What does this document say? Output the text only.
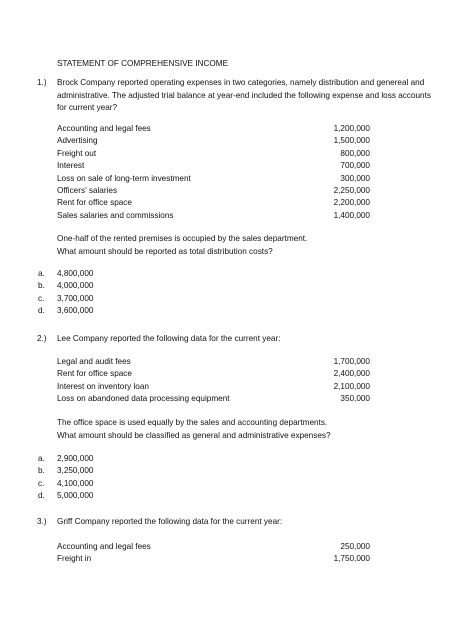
STATEMENT OF COMPREHENSIVE INCOME
1.) Brock Company reported operating expenses in two categories, namely distribution and genereal and
administrative. The adjusted trial balance at year-end included the following expense and loss accounts
for current year?
Accounting and legal fees	1,200,000
Advertising	1,500,000
Freight out	800,000
Interest	700,000
Loss on sale of long-term investment	300,000
Officers’ salaries	2,250,000
Rent for office space	2,200,000
Sales salaries and commissions	1,400,000
One-half of the rented premises is occupied by the sales department.
What amount should be reported as total distribution costs?
a. 4,800,000
b. 4,000,000
c. 3,700,000
d. 3,600,000
2.) Lee Company reported the following data for the current year:
Legal and audit fees	1,700,000
Rent for office space	2,400,000
Interest on inventory loan	2,100,000
Loss on abandoned data processing equipment	350,000
The office space is used equally by the sales and accounting departments.
What amount should be classified as general and administrative expenses?
a. 2,900,000
b. 3,250,000
c. 4,100,000
d. 5,000,000
3.) Griff Company reported the following data for the current year:
Accounting and legal fees	250,000
Freight in	1,750,000
